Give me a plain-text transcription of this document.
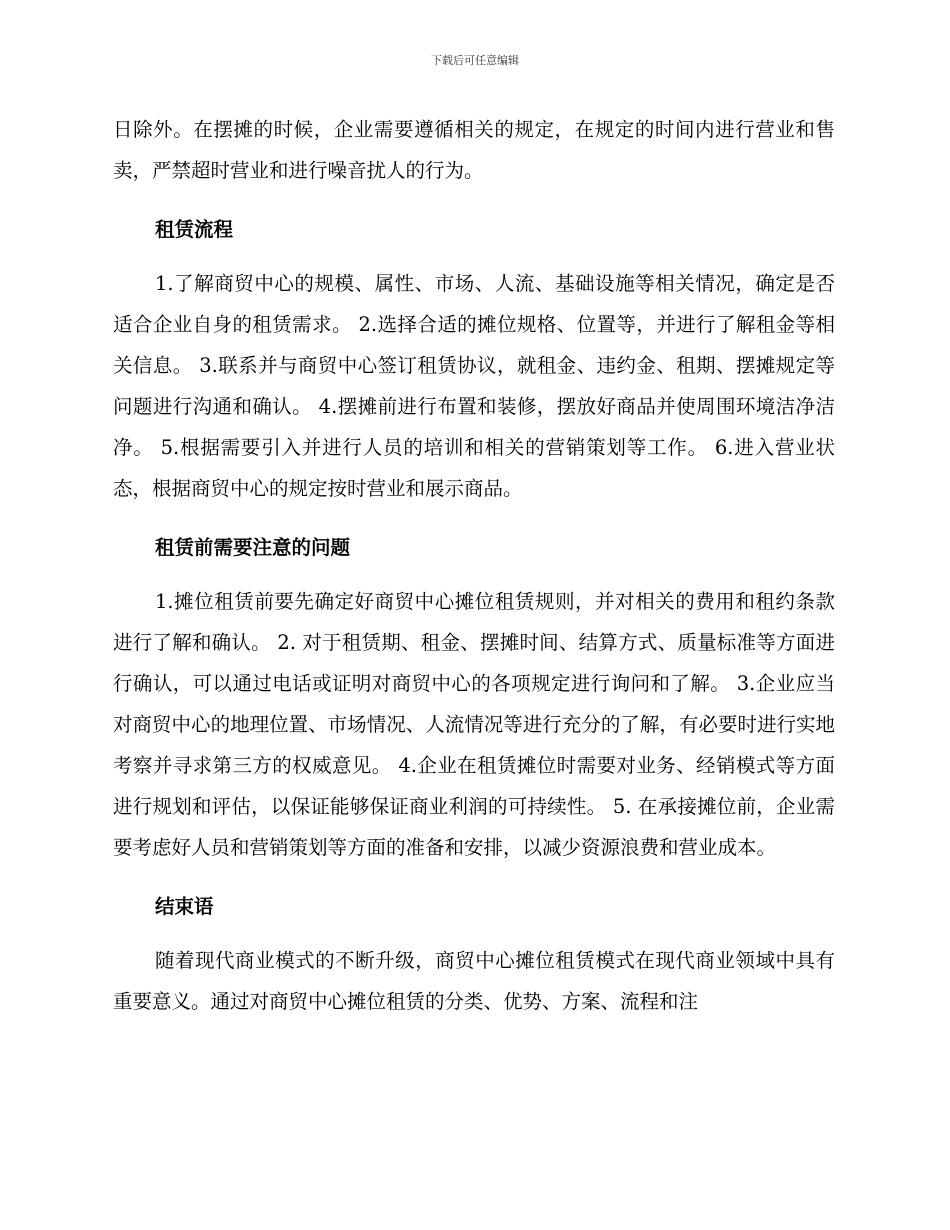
下载后可任意编辑

日除外。在摆摊的时候，企业需要遵循相关的规定，在规定的时间内进行营业和售卖，严禁超时营业和进行噪音扰人的行为。

租赁流程

1.了解商贸中心的规模、属性、市场、人流、基础设施等相关情况，确定是否适合企业自身的租赁需求。 2.选择合适的摊位规格、位置等，并进行了解租金等相关信息。 3.联系并与商贸中心签订租赁协议，就租金、违约金、租期、摆摊规定等问题进行沟通和确认。 4.摆摊前进行布置和装修，摆放好商品并使周围环境洁净洁净。 5.根据需要引入并进行人员的培训和相关的营销策划等工作。 6.进入营业状态，根据商贸中心的规定按时营业和展示商品。

租赁前需要注意的问题

1.摊位租赁前要先确定好商贸中心摊位租赁规则，并对相关的费用和租约条款进行了解和确认。 2. 对于租赁期、租金、摆摊时间、结算方式、质量标准等方面进行确认，可以通过电话或证明对商贸中心的各项规定进行询问和了解。 3.企业应当对商贸中心的地理位置、市场情况、人流情况等进行充分的了解，有必要时进行实地考察并寻求第三方的权威意见。 4.企业在租赁摊位时需要对业务、经销模式等方面进行规划和评估，以保证能够保证商业利润的可持续性。 5. 在承接摊位前，企业需要考虑好人员和营销策划等方面的准备和安排，以减少资源浪费和营业成本。

结束语

随着现代商业模式的不断升级，商贸中心摊位租赁模式在现代商业领域中具有重要意义。通过对商贸中心摊位租赁的分类、优势、方案、流程和注
